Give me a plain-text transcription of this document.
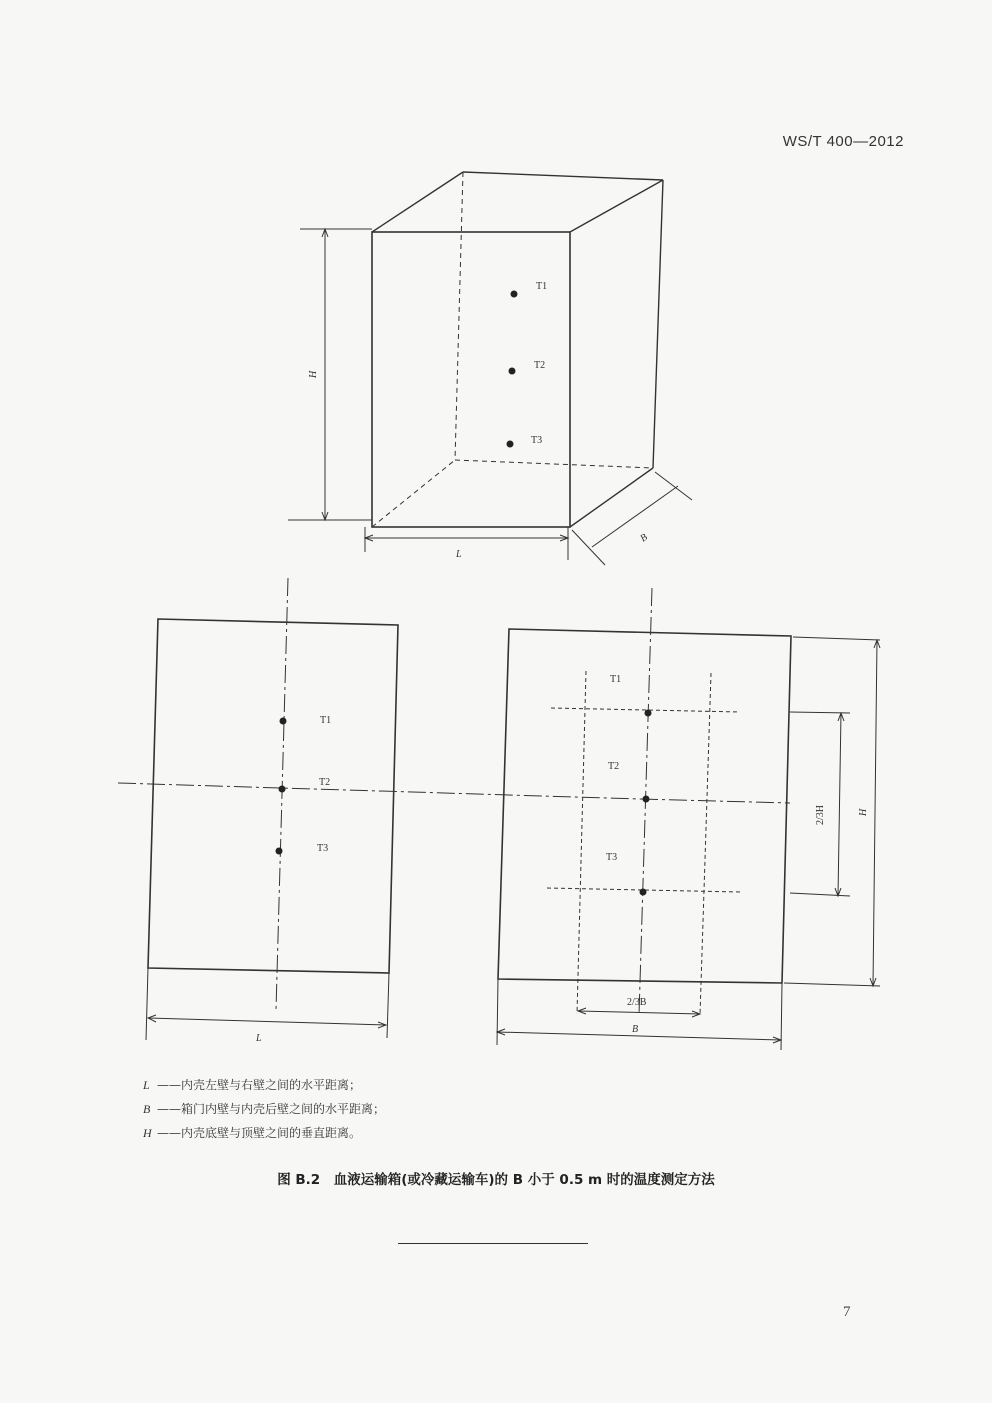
WS/T 400—2012
T1
T2
T3
H
L
B
T1
T2
T3
L
T1
T2
T3
2/3H	H
2/3B
B
L ——内壳左壁与右壁之间的水平距离；
B ——箱门内壁与内壳后壁之间的水平距离；
H ——内壳底壁与顶壁之间的垂直距离。
图 B.2　血液运输箱(或冷藏运输车)的 B 小于 0.5 m 时的温度测定方法
7
